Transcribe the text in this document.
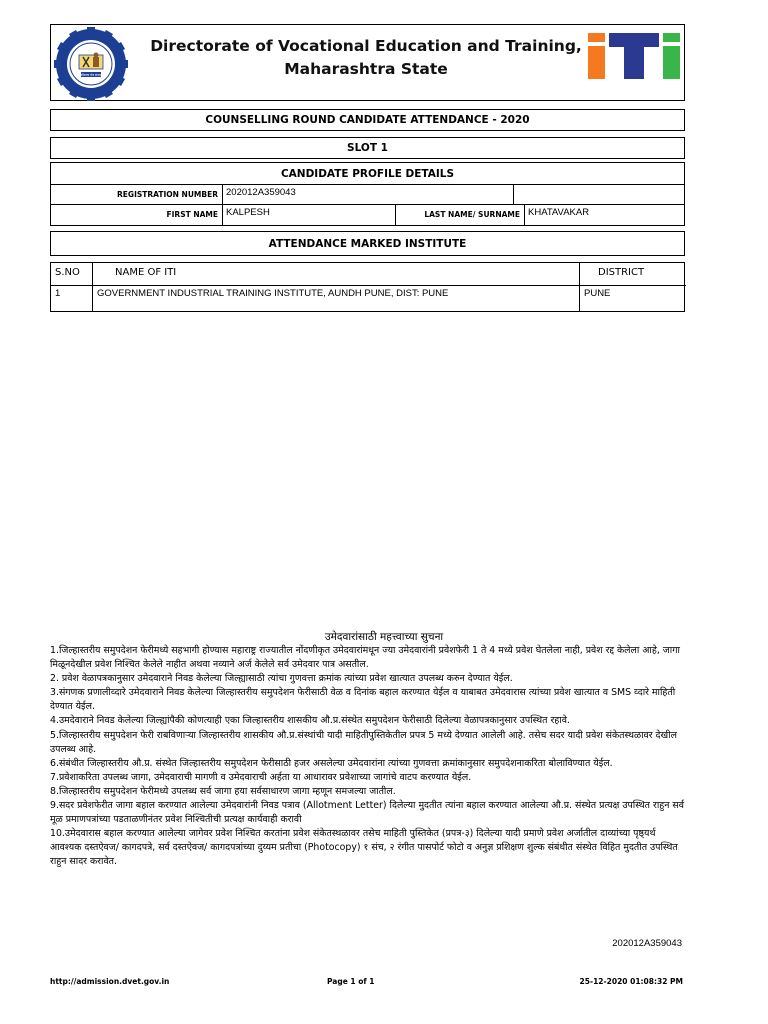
कौशल्य मेव संपदा
Directorate of Vocational Education and Training,
Maharashtra State
COUNSELLING ROUND CANDIDATE ATTENDANCE - 2020
SLOT 1
CANDIDATE PROFILE DETAILS
REGISTRATION NUMBER 202012A359043
FIRST NAME KALPESH	LAST NAME/ SURNAME KHATAVAKAR
ATTENDANCE MARKED INSTITUTE
S.NO	NAME OF ITI	DISTRICT
1	GOVERNMENT INDUSTRIAL TRAINING INSTITUTE, AUNDH PUNE, DIST: PUNE	PUNE
उमेदवारांसाठी महत्त्वाच्या सुचना

1.जिल्हास्तरीय समुपदेशन फेरीमध्ये सहभागी होण्यास महाराष्ट्र राज्यातील नोंदणीकृत उमेदवारांमधून ज्या उमेदवारांनी प्रवेशफेरी 1 ते 4 मध्ये प्रवेश घेतलेला नाही, प्रवेश रद्द केलेला आहे, जागा मिळूनदेखील प्रवेश निश्चित केलेले नाहीत अथवा नव्याने अर्ज केलेले सर्व उमेदवार पात्र असतील.

2. प्रवेश वेळापत्रकानुसार उमेदवाराने निवड केलेल्या जिल्ह्यासाठी त्यांचा गुणवत्ता क्रमांक त्यांच्या प्रवेश खात्यात उपलब्ध करुन देण्यात येईल.

3.संगणक प्रणालीव्दारे उमेदवाराने निवड केलेल्या जिल्हास्तरीय समुपदेशन फेरीसाठी वेळ व दिनांक बहाल करण्यात येईल व याबाबत उमेदवारास त्यांच्या प्रवेश खात्यात व SMS व्दारे माहिती देण्यात येईल.

4.उमदेवाराने निवड केलेल्या जिल्ह्यांपैकी कोणत्याही एका जिल्हास्तरीय शासकीय औ.प्र.संस्थेत समुपदेशन फेरीसाठी दिलेल्या वेळापत्रकानुसार उपस्थित रहावे.

5.जिल्हास्तरीय समुपदेशन फेरी राबविणाऱ्या जिल्हास्तरीय शासकीय औ.प्र.संस्थांची यादी माहितीपुस्तिकेतील प्रपत्र 5 मध्ये देण्यात आलेली आहे. तसेच सदर यादी प्रवेश संकेतस्थळावर देखील उपलब्ध आहे.

6.संबंधीत जिल्हास्तरीय औ.प्र. संस्थेत जिल्हास्तरीय समुपदेशन फेरीसाठी हजर असलेल्या उमेदवारांना त्यांच्या गुणवत्ता क्रमांकानुसार समुपदेशनाकरिता बोलाविण्यात येईल.

7.प्रवेशाकरिता उपलब्ध जागा, उमेदवाराची मागणी व उमेदवाराची अर्हता या आधारावर प्रवेशाच्या जागांचे वाटप करण्यात येईल.

8.जिल्हास्तरीय समुपदेशन फेरीमध्ये उपलब्ध सर्व जागा हया सर्वसाधारण जागा म्हणून समजल्या जातील.

9.सदर प्रवेशफेरीत जागा बहाल करण्यात आलेल्या उमेदवारांनी निवड पत्राव (Allotment Letter) दिलेल्या मुदतीत त्यांना बहाल करण्यात आलेल्या औ.प्र. संस्थेत प्रत्यक्ष उपस्थित राहुन सर्व मूळ प्रमाणपत्रांच्या पडताळणीनंतर प्रवेश निश्चितीची प्रत्यक्ष कार्यवाही करावी

10.उमेदवारास बहाल करण्यात आलेल्या जागेवर प्रवेश निश्चित करतांना प्रवेश संकेतस्थळावर तसेच माहिती पुस्तिकेत (प्रपत्र-३) दिलेल्या यादी प्रमाणे प्रवेश अर्जातील दाव्यांच्या पृष्ठ्यर्थ आवश्यक दस्तऐवज/ कागदपत्रे, सर्व दस्तऐवज/ कागदपत्रांच्या दुय्यम प्रतीचा (Photocopy) १ संच, २ रंगीत पासपोर्ट फोटो व अनुज्ञ प्रशिक्षण शुल्क संबंधीत संस्थेत विहित मुदतीत उपस्थित राहुन सादर करावेत.

202012A359043
http://admission.dvet.gov.in	Page 1 of 1	25-12-2020 01:08:32 PM
